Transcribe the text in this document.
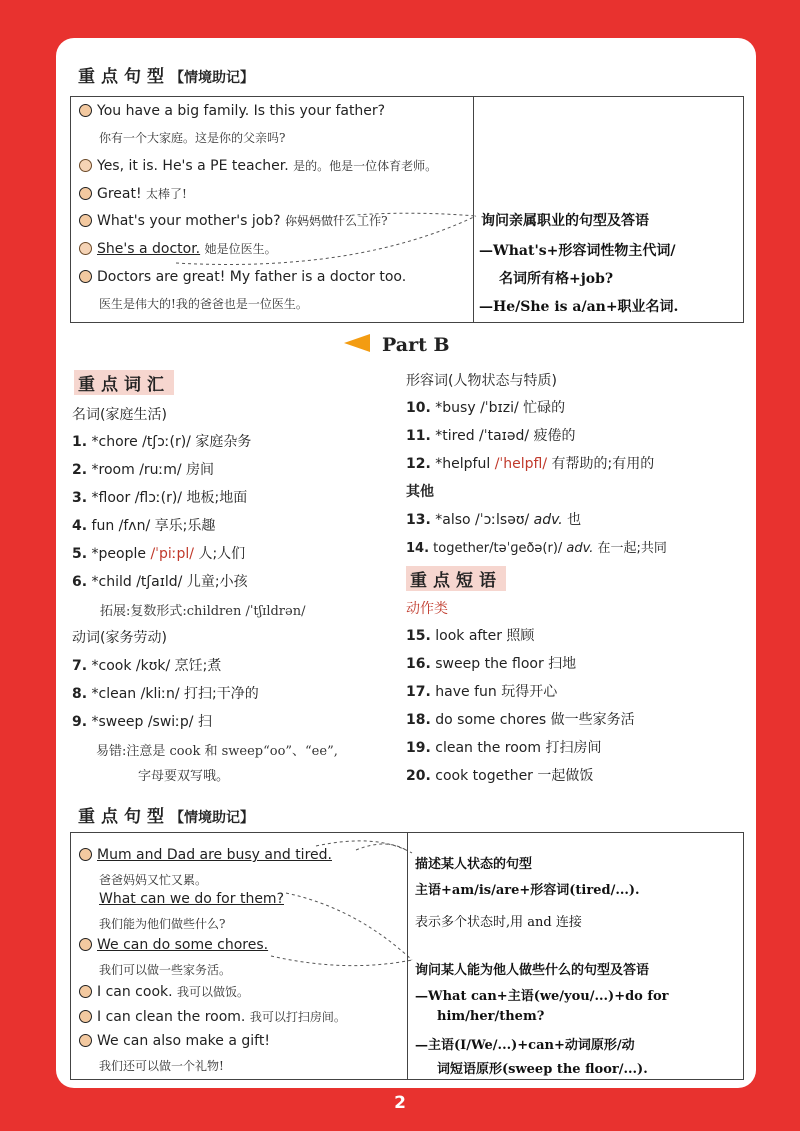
重点句型【情境助记】
You have a big family. Is this your father?
你有一个大家庭。这是你的父亲吗?
Yes, it is. He's a PE teacher. 是的。他是一位体育老师。
Great! 太棒了!
What's your mother's job? 你妈妈做什么工作?
She's a doctor. 她是位医生。
Doctors are great! My father is a doctor too.
医生是伟大的!我的爸爸也是一位医生。
询问亲属职业的句型及答语
—What's+形容词性物主代词/
名词所有格+job?
—He/She is a/an+职业名词.
Part B
重点词汇
名词(家庭生活)
1. *chore /tʃɔː(r)/ 家庭杂务
2. *room /ruːm/ 房间
3. *floor /flɔː(r)/ 地板;地面
4. fun /fʌn/ 享乐;乐趣
5. *people /ˈpiːpl/ 人;人们
6. *child /tʃaɪld/ 儿童;小孩
拓展:复数形式:children /ˈtʃɪldrən/
动词(家务劳动)
7. *cook /kʊk/ 烹饪;煮
8. *clean /kliːn/ 打扫;干净的
9. *sweep /swiːp/ 扫
易错:注意是 cook 和 sweep“oo”、“ee”,
字母要双写哦。
形容词(人物状态与特质)
10. *busy /ˈbɪzi/ 忙碌的
11. *tired /ˈtaɪəd/ 疲倦的
12. *helpful /ˈhelpfl/ 有帮助的;有用的
其他
13. *also /ˈɔːlsəʊ/ adv. 也
14. together/təˈɡeðə(r)/ adv. 在一起;共同
重点短语
动作类
15. look after 照顾
16. sweep the floor 扫地
17. have fun 玩得开心
18. do some chores 做一些家务活
19. clean the room 打扫房间
20. cook together 一起做饭
重点句型【情境助记】
Mum and Dad are busy and tired.
爸爸妈妈又忙又累。
What can we do for them?
我们能为他们做些什么?
We can do some chores.
我们可以做一些家务活。
I can cook. 我可以做饭。
I can clean the room. 我可以打扫房间。
We can also make a gift!
我们还可以做一个礼物!
描述某人状态的句型
主语+am/is/are+形容词(tired/...).
表示多个状态时,用 and 连接
询问某人能为他人做些什么的句型及答语
—What can+主语(we/you/...)+do for
him/her/them?
—主语(I/We/...)+can+动词原形/动
词短语原形(sweep the floor/...).
2
